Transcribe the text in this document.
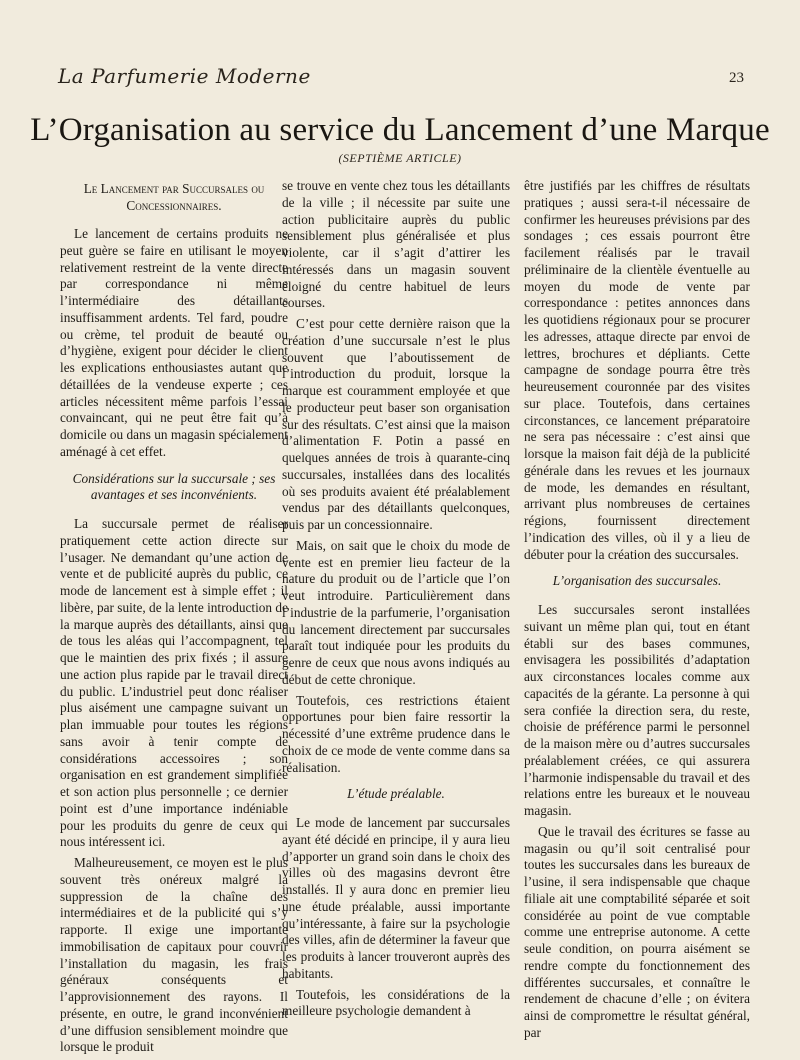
La Parfumerie Moderne	23
L’Organisation au service du Lancement d’une Marque
(SEPTIÈME ARTICLE)
Le Lancement par Succursales ou Concessionnaires.

Le lancement de certains produits ne peut guère se faire en utilisant le moyen relativement restreint de la vente directe par correspondance ni même l’intermédiaire des détaillants insuffisamment ardents. Tel fard, poudre ou crème, tel produit de beauté ou d’hygiène, exigent pour décider le client les explications enthousiastes autant que détaillées de la vendeuse experte ; ces articles nécessitent même parfois l’essai convaincant, qui ne peut être fait qu’à domicile ou dans un magasin spécialement aménagé à cet effet.

Considérations sur la succursale ; ses avantages et ses inconvénients.

La succursale permet de réaliser pratiquement cette action directe sur l’usager. Ne demandant qu’une action de vente et de publicité auprès du public, ce mode de lancement est à simple effet ; il libère, par suite, de la lente introduction de la marque auprès des détaillants, ainsi que de tous les aléas qui l’accompagnent, tel que le maintien des prix fixés ; il assure une action plus rapide par le travail direct du public. L’industriel peut donc réaliser plus aisément une campagne suivant un plan immuable pour toutes les régions sans avoir à tenir compte de considérations accessoires ; son organisation en est grandement simplifiée et son action plus personnelle ; ce dernier point est d’une importance indéniable pour les produits du genre de ceux qui nous intéressent ici.

Malheureusement, ce moyen est le plus souvent très onéreux malgré la suppression de la chaîne des intermédiaires et de la publicité qui s’y rapporte. Il exige une importante immobilisation de capitaux pour couvrir l’installation du magasin, les frais généraux conséquents et l’approvisionnement des rayons. Il présente, en outre, le grand inconvénient d’une diffusion sensiblement moindre que lorsque le produit

se trouve en vente chez tous les détaillants de la ville ; il nécessite par suite une action publicitaire auprès du public sensiblement plus généralisée et plus violente, car il s’agit d’attirer les intéressés dans un magasin souvent éloigné du centre habituel de leurs courses.

C’est pour cette dernière raison que la création d’une succursale n’est le plus souvent que l’aboutissement de l’introduction du produit, lorsque la marque est couramment employée et que le producteur peut baser son organisation sur des résultats. C’est ainsi que la maison d’alimentation F. Potin a passé en quelques années de trois à quarante-cinq succursales, installées dans des localités où ses produits avaient été préalablement vendus par des détaillants quelconques, puis par un concessionnaire.

Mais, on sait que le choix du mode de vente est en premier lieu facteur de la nature du produit ou de l’article que l’on veut introduire. Particulièrement dans l’industrie de la parfumerie, l’organisation du lancement directement par succursales paraît tout indiquée pour les produits du genre de ceux que nous avons indiqués au début de cette chronique.

Toutefois, ces restrictions étaient opportunes pour bien faire ressortir la nécessité d’une extrême prudence dans le choix de ce mode de vente comme dans sa réalisation.

L’étude préalable.

Le mode de lancement par succursales ayant été décidé en principe, il y aura lieu d’apporter un grand soin dans le choix des villes où des magasins devront être installés. Il y aura donc en premier lieu une étude préalable, aussi importante qu’intéressante, à faire sur la psychologie des villes, afin de déterminer la faveur que les produits à lancer trouveront auprès des habitants.

Toutefois, les considérations de la meilleure psychologie demandent à

être justifiés par les chiffres de résultats pratiques ; aussi sera-t-il nécessaire de confirmer les heureuses prévisions par des sondages ; ces essais pourront être facilement réalisés par le travail préliminaire de la clientèle éventuelle au moyen du mode de vente par correspondance : petites annonces dans les quotidiens régionaux pour se procurer les adresses, attaque directe par envoi de lettres, brochures et dépliants. Cette campagne de sondage pourra être très heureusement couronnée par des visites sur place. Toutefois, dans certaines circonstances, ce lancement préparatoire ne sera pas nécessaire : c’est ainsi que lorsque la maison fait déjà de la publicité générale dans les revues et les journaux de mode, les demandes en résultant, arrivant plus nombreuses de certaines régions, fournissent directement l’indication des villes, où il y a lieu de débuter pour la création des succursales.

L’organisation des succursales.

Les succursales seront installées suivant un même plan qui, tout en étant établi sur des bases communes, envisagera les possibilités d’adaptation aux circonstances locales comme aux capacités de la gérante. La personne à qui sera confiée la direction sera, du reste, choisie de préférence parmi le personnel de la maison mère ou d’autres succursales préalablement créées, ce qui assurera l’harmonie indispensable du travail et des relations entre les bureaux et le nouveau magasin.

Que le travail des écritures se fasse au magasin ou qu’il soit centralisé pour toutes les succursales dans les bureaux de l’usine, il sera indispensable que chaque filiale ait une comptabilité séparée et soit considérée au point de vue comptable comme une entreprise autonome. A cette seule condition, on pourra aisément se rendre compte du fonctionnement des différentes succursales, et connaître le rendement de chacune d’elle ; on évitera ainsi de compromettre le résultat général, par
